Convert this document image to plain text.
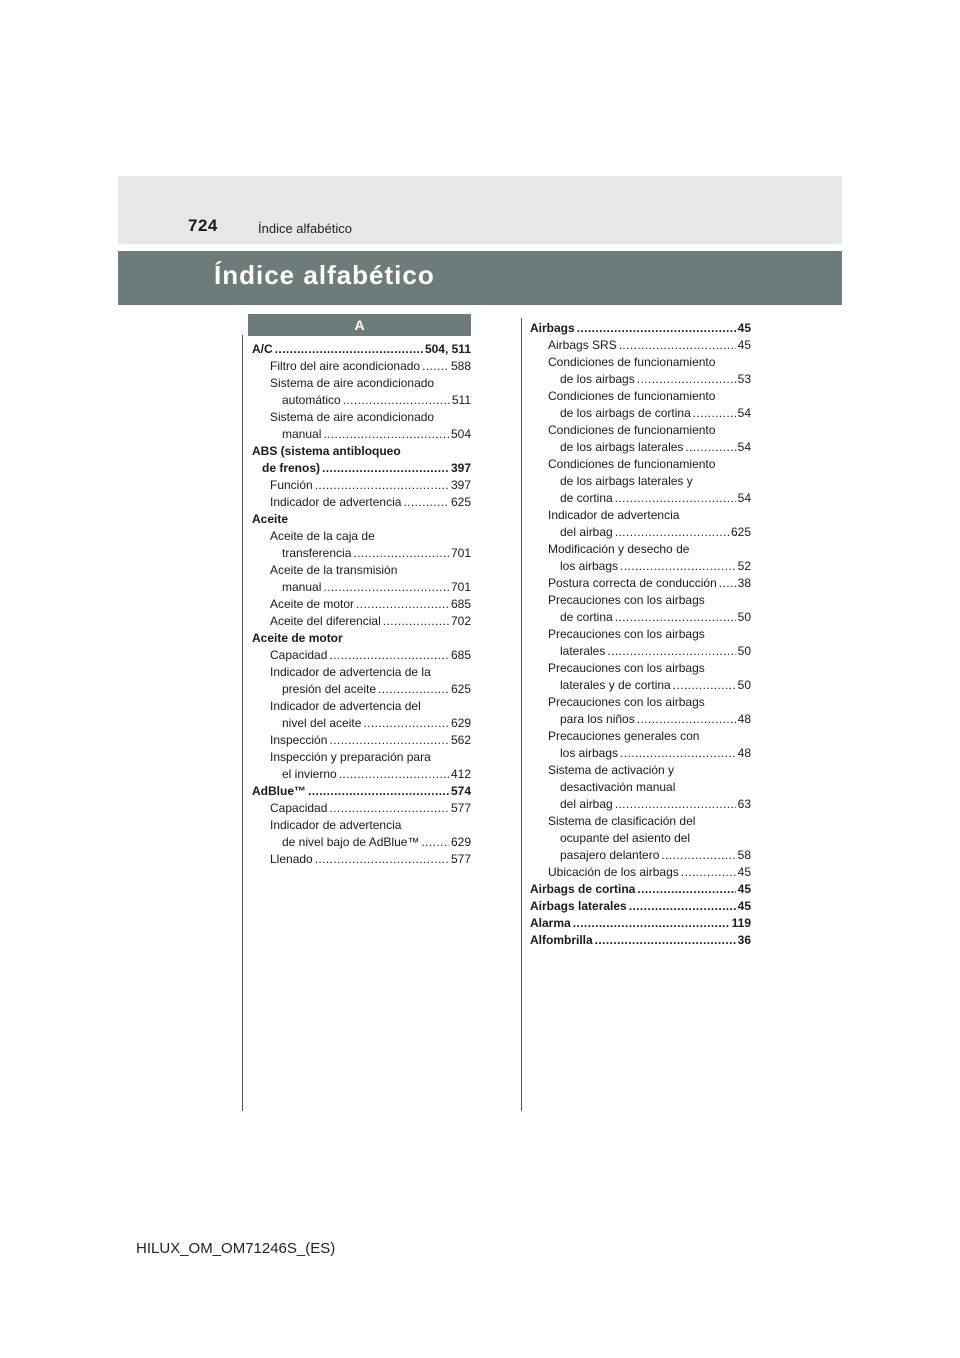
724	Índice alfabético
Índice alfabético
A
A/C .....	504, 511
Filtro del aire acondicionado .....	588
Sistema de aire acondicionado
automático .....	511
Sistema de aire acondicionado
manual .....	504
ABS (sistema antibloqueo
de frenos) .....	397
Función .....	397
Indicador de advertencia .....	625
Aceite
Aceite de la caja de
transferencia .....	701
Aceite de la transmisión
manual .....	701
Aceite de motor .....	685
Aceite del diferencial .....	702
Aceite de motor
Capacidad .....	685
Indicador de advertencia de la
presión del aceite .....	625
Indicador de advertencia del
nivel del aceite .....	629
Inspección .....	562
Inspección y preparación para
el invierno .....	412
AdBlue™ .....	574
Capacidad .....	577
Indicador de advertencia
de nivel bajo de AdBlue™ .....	629
Llenado .....	577
Airbags .....	45
Airbags SRS .....	45
Condiciones de funcionamiento
de los airbags .....	53
Condiciones de funcionamiento
de los airbags de cortina .....	54
Condiciones de funcionamiento
de los airbags laterales .....	54
Condiciones de funcionamiento
de los airbags laterales y
de cortina .....	54
Indicador de advertencia
del airbag .....	625
Modificación y desecho de
los airbags .....	52
Postura correcta de conducción ..... 38
Precauciones con los airbags
de cortina .....	50
Precauciones con los airbags
laterales .....	50
Precauciones con los airbags
laterales y de cortina .....	50
Precauciones con los airbags
para los niños .....	48
Precauciones generales con
los airbags .....	48
Sistema de activación y
desactivación manual
del airbag .....	63
Sistema de clasificación del
ocupante del asiento del
pasajero delantero .....	58
Ubicación de los airbags .....	45
Airbags de cortina .....	45
Airbags laterales .....	45
Alarma .....	119
Alfombrilla .....	36
HILUX_OM_OM71246S_(ES)
